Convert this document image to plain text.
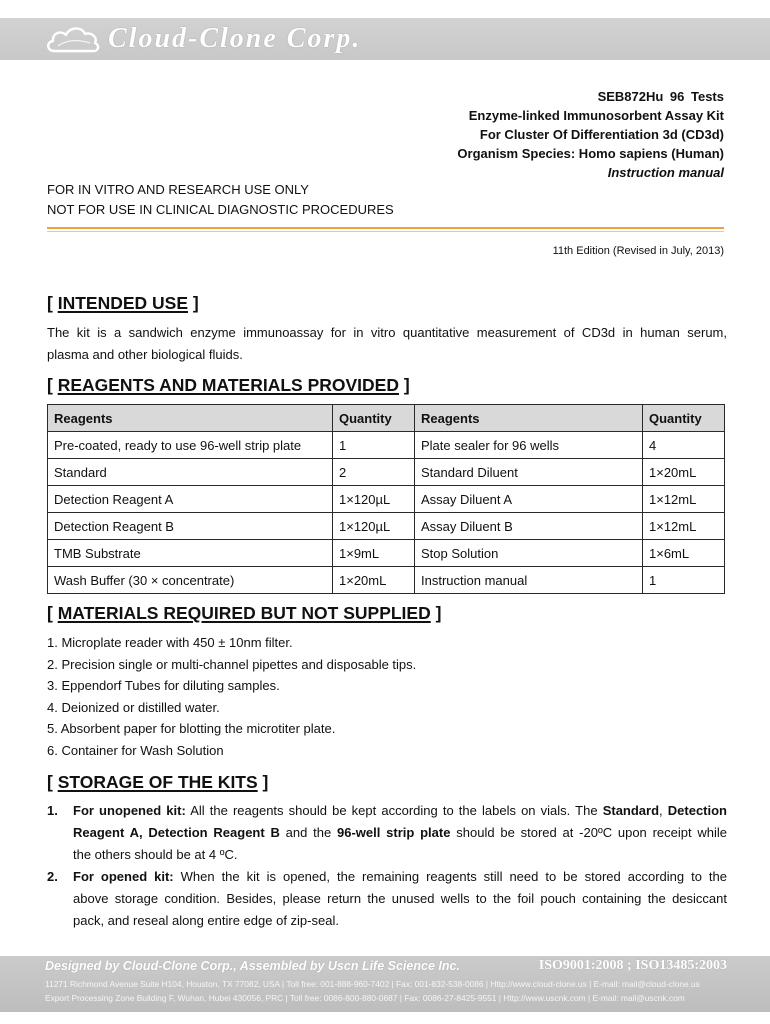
Cloud-Clone Corp.
SEB872Hu 96 Tests
Enzyme-linked Immunosorbent Assay Kit
For Cluster Of Differentiation 3d (CD3d)
Organism Species: Homo sapiens (Human)
Instruction manual
FOR IN VITRO AND RESEARCH USE ONLY
NOT FOR USE IN CLINICAL DIAGNOSTIC PROCEDURES
11th Edition (Revised in July, 2013)
[ INTENDED USE ]
The kit is a sandwich enzyme immunoassay for in vitro quantitative measurement of CD3d in human serum,
plasma and other biological fluids.
[ REAGENTS AND MATERIALS PROVIDED ]
Reagents	Quantity	Reagents	Quantity
Pre-coated, ready to use 96-well strip plate	1	Plate sealer for 96 wells	4
Standard	2	Standard Diluent	1×20mL
Detection Reagent A	1×120µL	Assay Diluent A	1×12mL
Detection Reagent B	1×120µL	Assay Diluent B	1×12mL
TMB Substrate	1×9mL	Stop Solution	1×6mL
Wash Buffer (30 × concentrate)	1×20mL	Instruction manual	1
[ MATERIALS REQUIRED BUT NOT SUPPLIED ]
1. Microplate reader with 450 ± 10nm filter.
2. Precision single or multi-channel pipettes and disposable tips.
3. Eppendorf Tubes for diluting samples.
4. Deionized or distilled water.
5. Absorbent paper for blotting the microtiter plate.
6. Container for Wash Solution
[ STORAGE OF THE KITS ]
1. For unopened kit: All the reagents should be kept according to the labels on vials. The Standard, Detection
Reagent A, Detection Reagent B and the 96-well strip plate should be stored at -20ºC upon receipt while
the others should be at 4 ºC.
2. For opened kit: When the kit is opened, the remaining reagents still need to be stored according to the
above storage condition. Besides, please return the unused wells to the foil pouch containing the desiccant
pack, and reseal along entire edge of zip-seal.
Designed by Cloud-Clone Corp., Assembled by Uscn Life Science Inc.	ISO9001:2008 ; ISO13485:2003
11271 Richmond Avenue Suite H104, Houston, TX 77082, USA | Toll free: 001-888-960-7402 | Fax: 001-832-538-0086 | Http://www.cloud-clone.us | E-mail: mail@cloud-clone.us
Export Processing Zone Building F, Wuhan, Hubei 430056, PRC | Toll free: 0086-800-880-0687 | Fax: 0086-27-8425-9551 | Http://www.uscnk.com | E-mail: mail@uscnk.com
